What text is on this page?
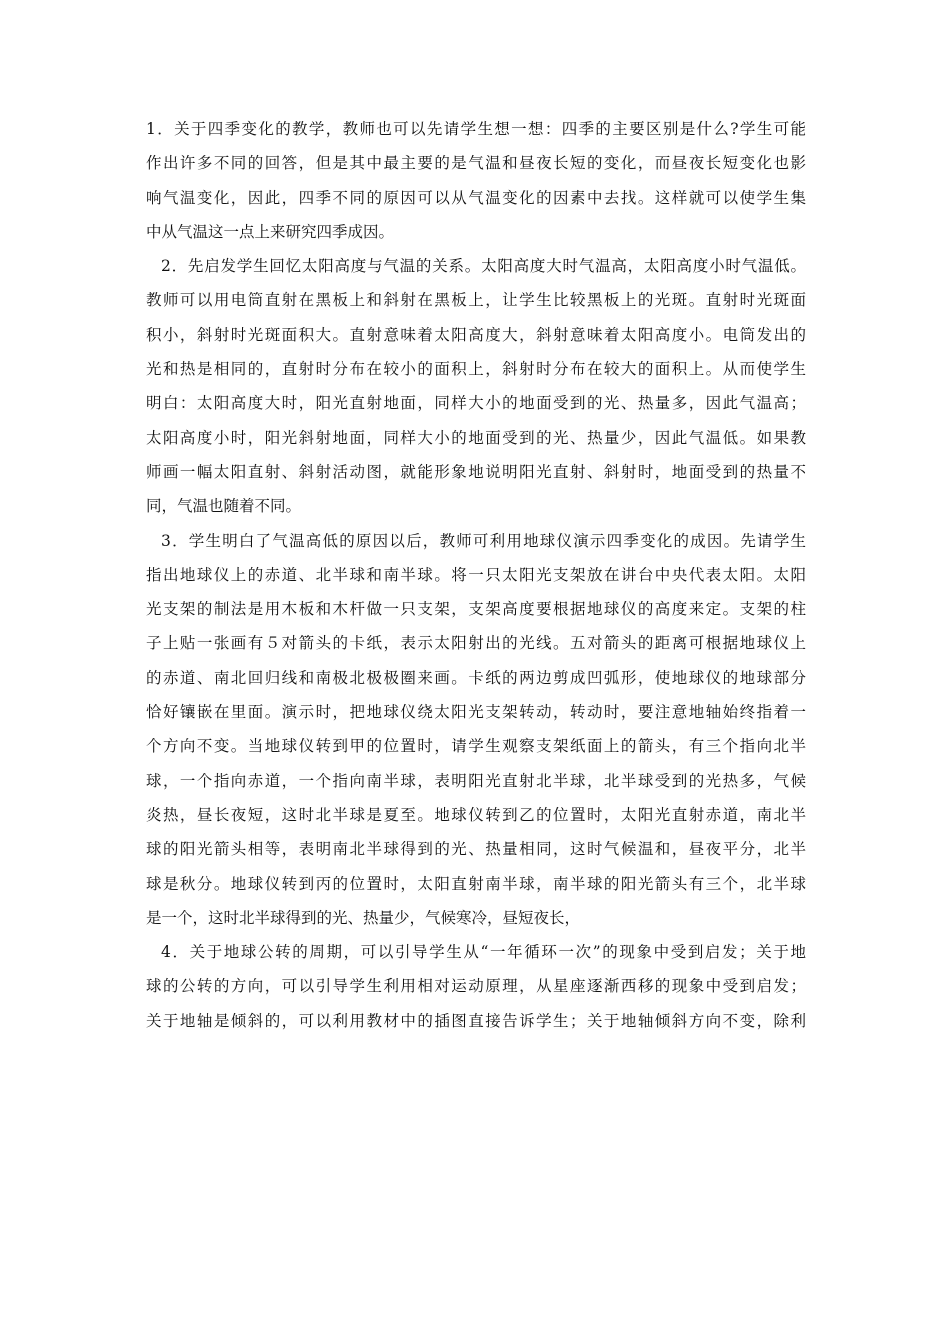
1．关于四季变化的教学，教师也可以先请学生想一想：四季的主要区别是什么?学生可能
作出许多不同的回答，但是其中最主要的是气温和昼夜长短的变化，而昼夜长短变化也影
响气温变化，因此，四季不同的原因可以从气温变化的因素中去找。这样就可以使学生集
中从气温这一点上来研究四季成因。
2．先启发学生回忆太阳高度与气温的关系。太阳高度大时气温高，太阳高度小时气温低。
教师可以用电筒直射在黑板上和斜射在黑板上，让学生比较黑板上的光斑。直射时光斑面
积小，斜射时光斑面积大。直射意味着太阳高度大，斜射意味着太阳高度小。电筒发出的
光和热是相同的，直射时分布在较小的面积上，斜射时分布在较大的面积上。从而使学生
明白：太阳高度大时，阳光直射地面，同样大小的地面受到的光、热量多，因此气温高；
太阳高度小时，阳光斜射地面，同样大小的地面受到的光、热量少，因此气温低。如果教
师画一幅太阳直射、斜射活动图，就能形象地说明阳光直射、斜射时，地面受到的热量不
同，气温也随着不同。
3．学生明白了气温高低的原因以后，教师可利用地球仪演示四季变化的成因。先请学生
指出地球仪上的赤道、北半球和南半球。将一只太阳光支架放在讲台中央代表太阳。太阳
光支架的制法是用木板和木杆做一只支架，支架高度要根据地球仪的高度来定。支架的柱
子上贴一张画有５对箭头的卡纸，表示太阳射出的光线。五对箭头的距离可根据地球仪上
的赤道、南北回归线和南极北极极圈来画。卡纸的两边剪成凹弧形，使地球仪的地球部分
恰好镶嵌在里面。演示时，把地球仪绕太阳光支架转动，转动时，要注意地轴始终指着一
个方向不变。当地球仪转到甲的位置时，请学生观察支架纸面上的箭头，有三个指向北半
球，一个指向赤道，一个指向南半球，表明阳光直射北半球，北半球受到的光热多，气候
炎热，昼长夜短，这时北半球是夏至。地球仪转到乙的位置时，太阳光直射赤道，南北半
球的阳光箭头相等，表明南北半球得到的光、热量相同，这时气候温和，昼夜平分，北半
球是秋分。地球仪转到丙的位置时，太阳直射南半球，南半球的阳光箭头有三个，北半球
是一个，这时北半球得到的光、热量少，气候寒冷，昼短夜长，
4．关于地球公转的周期，可以引导学生从“一年循环一次”的现象中受到启发；关于地
球的公转的方向，可以引导学生利用相对运动原理，从星座逐渐西移的现象中受到启发；
关于地轴是倾斜的，可以利用教材中的插图直接告诉学生；关于地轴倾斜方向不变，除利
